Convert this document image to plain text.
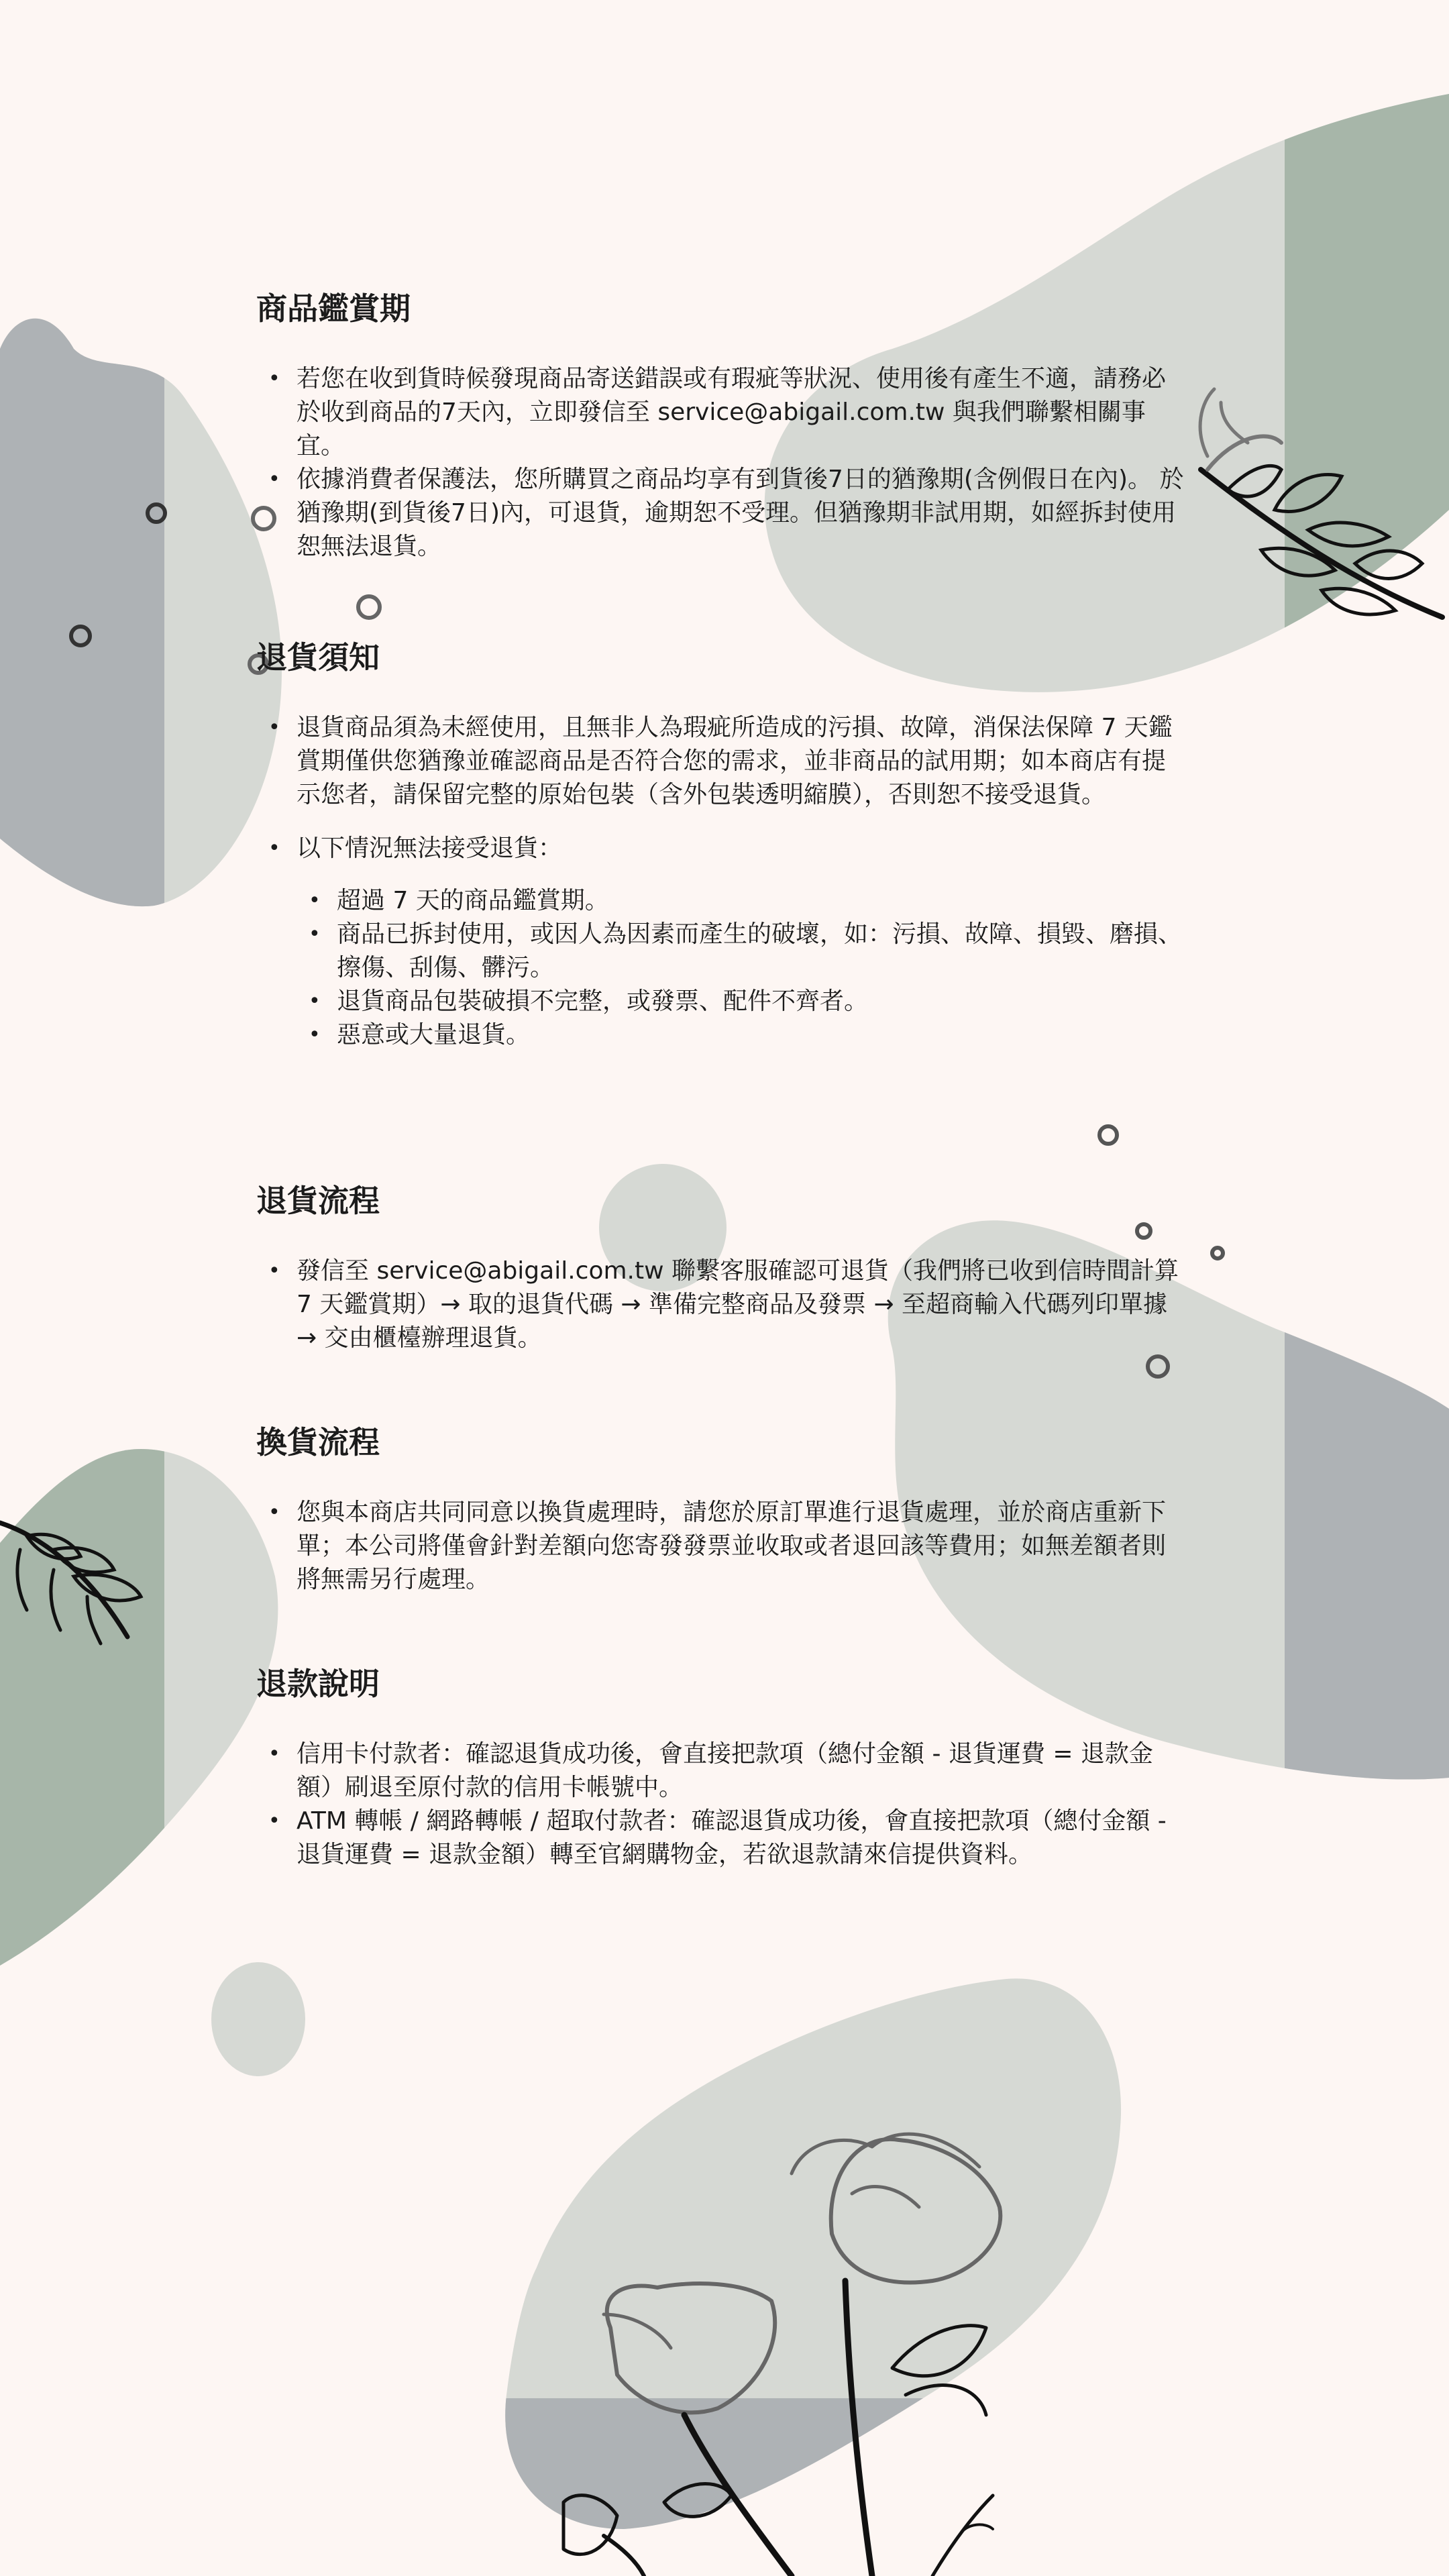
商品鑑賞期
• 若您在收到貨時候發現商品寄送錯誤或有瑕疵等狀況、使用後有產生不適，請務必於收到商品的7天內，立即發信至 service@abigail.com.tw 與我們聯繫相關事宜。
• 依據消費者保護法，您所購買之商品均享有到貨後7日的猶豫期(含例假日在內)。 於猶豫期(到貨後7日)內，可退貨，逾期恕不受理。但猶豫期非試用期，如經拆封使用恕無法退貨。
退貨須知
• 退貨商品須為未經使用，且無非人為瑕疵所造成的污損、故障，消保法保障 7 天鑑賞期僅供您猶豫並確認商品是否符合您的需求，並非商品的試用期；如本商店有提示您者，請保留完整的原始包裝（含外包裝透明縮膜），否則恕不接受退貨。
• 以下情況無法接受退貨：
• 超過 7 天的商品鑑賞期。
• 商品已拆封使用，或因人為因素而產生的破壞，如：污損、故障、損毀、磨損、擦傷、刮傷、髒污。
• 退貨商品包裝破損不完整，或發票、配件不齊者。
• 惡意或大量退貨。
退貨流程
• 發信至 service@abigail.com.tw 聯繫客服確認可退貨（我們將已收到信時間計算 7 天鑑賞期）→ 取的退貨代碼 → 準備完整商品及發票 → 至超商輸入代碼列印單據 → 交由櫃檯辦理退貨。
換貨流程
• 您與本商店共同同意以換貨處理時，請您於原訂單進行退貨處理，並於商店重新下單；本公司將僅會針對差額向您寄發發票並收取或者退回該等費用；如無差額者則將無需另行處理。
退款說明
• 信用卡付款者：確認退貨成功後，會直接把款項（總付金額 - 退貨運費 = 退款金額）刷退至原付款的信用卡帳號中。
• ATM 轉帳 / 網路轉帳 / 超取付款者：確認退貨成功後，會直接把款項（總付金額 - 退貨運費 = 退款金額）轉至官網購物金，若欲退款請來信提供資料。
